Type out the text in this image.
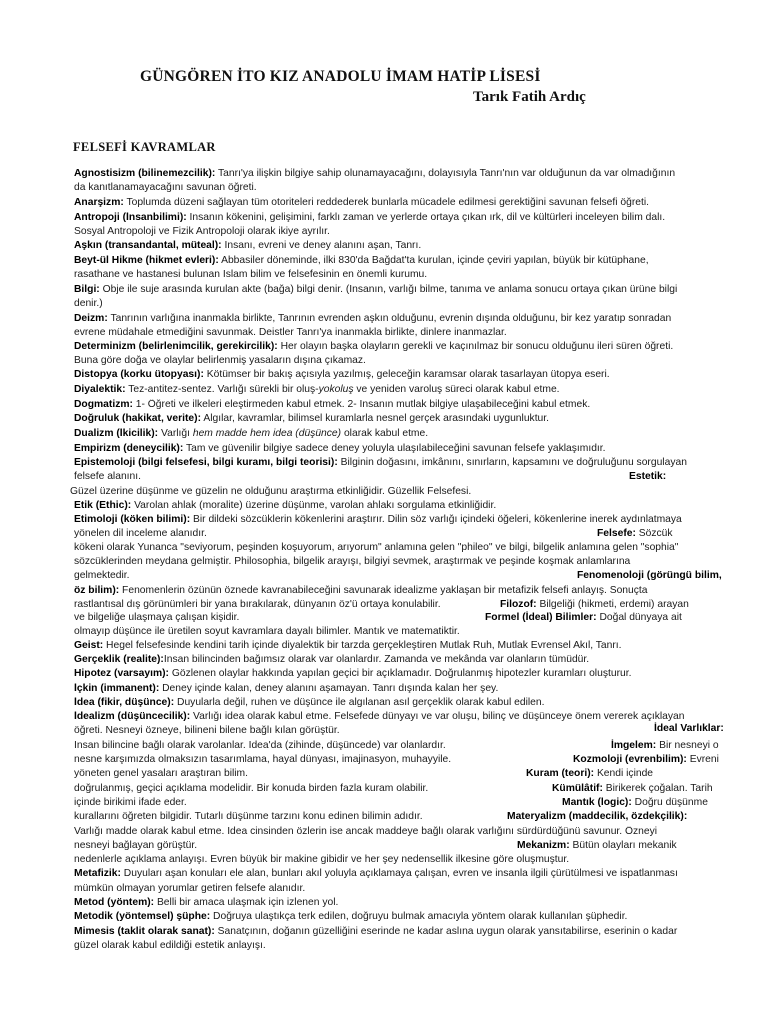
GÜNGÖREN İTO KIZ ANADOLU İMAM HATİP LİSESİ
Tarık Fatih Ardıç
FELSEFİ KAVRAMLAR
Agnostisizm (bilinemezcilik): Tanrı'ya ilişkin bilgiye sahip olunamayacağını, dolayısıyla Tanrı'nın var olduğunun da var olmadığının
da kanıtlanamayacağını savunan öğreti.
Anarşizm: Toplumda düzeni sağlayan tüm otoriteleri reddederek bunlarla mücadele edilmesi gerektiğini savunan felsefi öğreti.
Antropoji (İnsanbilimi): İnsanın kökenini, gelişimini, farklı zaman ve yerlerde ortaya çıkan ırk, dil ve kültürleri inceleyen bilim dalı.
Sosyal Antropoloji ve Fizik Antropoloji olarak ikiye ayrılır.
Aşkın (transandantal, müteal): İnsanı, evreni ve deney alanını aşan, Tanrı.
Beyt-ül Hikme (hikmet evleri): Abbasiler döneminde, ilki 830'da Bağdat'ta kurulan, içinde çeviri yapılan, büyük bir kütüphane,
rasathane ve hastanesi bulunan İslam bilim ve felsefesinin en önemli kurumu.
Bilgi: Obje ile suje arasında kurulan akte (bağa) bilgi denir. (İnsanın, varlığı bilme, tanıma ve anlama sonucu ortaya çıkan ürüne bilgi
denir.)
Deizm: Tanrının varlığına inanmakla birlikte, Tanrının evrenden aşkın olduğunu, evrenin dışında olduğunu, bir kez yaratıp sonradan
evrene müdahale etmediğini savunmak. Deistler Tanrı'ya inanmakla birlikte, dinlere inanmazlar.
Determinizm (belirlenimcilik, gerekircilik): Her olayın başka olayların gerekli ve kaçınılmaz bir sonucu olduğunu ileri süren öğreti.
Buna göre doğa ve olaylar belirlenmiş yasaların dışına çıkamaz.
Distopya (korku ütopyası): Kötümser bir bakış açısıyla yazılmış, geleceğin karamsar olarak tasarlayan ütopya eseri.
Diyalektik: Tez-antitez-sentez. Varlığı sürekli bir oluş-yokoluş ve yeniden varoluş süreci olarak kabul etme.
Dogmatizm: 1- Öğreti ve ilkeleri eleştirmeden kabul etmek. 2- İnsanın mutlak bilgiye ulaşabileceğini kabul etmek.
Doğruluk (hakikat, verite): Algılar, kavramlar, bilimsel kuramlarla nesnel gerçek arasındaki uygunluktur.
Dualizm (İkicilik): Varlığı hem madde hem idea (düşünce) olarak kabul etme.
Empirizm (deneycilik): Tam ve güvenilir bilgiye sadece deney yoluyla ulaşılabileceğini savunan felsefe yaklaşımıdır.
Epistemoloji (bilgi felsefesi, bilgi kuramı, bilgi teorisi): Bilginin doğasını, imkânını, sınırların, kapsamını ve doğruluğunu sorgulayan
felsefe alanını.
Güzel üzerine düşünme ve güzelin ne olduğunu araştırma etkinliğidir. Güzellik Felsefesi.
Etik (Ethic): Varolan ahlak (moralite) üzerine düşünme, varolan ahlakı sorgulama etkinliğidir.
Etimoloji (köken bilimi): Bir dildeki sözcüklerin kökenlerini araştırır. Dilin söz varlığı içindeki öğeleri, kökenlerine inerek aydınlatmaya
yönelen dil inceleme alanıdır.
kökeni olarak Yunanca "seviyorum, peşinden koşuyorum, arıyorum" anlamına gelen "phileo" ve bilgi, bilgelik anlamına gelen "sophia"
sözcüklerinden meydana gelmiştir. Philosophia, bilgelik arayışı, bilgiyi sevmek, araştırmak ve peşinde koşmak anlamlarına
gelmektedir.
öz bilim): Fenomenlerin özünün öznede kavranabileceğini savunarak idealizme yaklaşan bir metafizik felsefi anlayış. Sonuçta
rastlantısal dış görünümleri bir yana bırakılarak, dünyanın öz'ü ortaya konulabilir.
ve bilgeliğe ulaşmaya çalışan kişidir.
olmayıp düşünce ile üretilen soyut kavramlara dayalı bilimler. Mantık ve matematiktir.
Geist: Hegel felsefesinde kendini tarih içinde diyalektik bir tarzda gerçekleştiren Mutlak Ruh, Mutlak Evrensel Akıl, Tanrı.
Gerçeklik (realite):İnsan bilincinden bağımsız olarak var olanlardır. Zamanda ve mekânda var olanların tümüdür.
Hipotez (varsayım): Gözlenen olaylar hakkında yapılan geçici bir açıklamadır. Doğrulanmış hipotezler kuramları oluşturur.
İçkin (immanent): Deney içinde kalan, deney alanını aşamayan. Tanrı dışında kalan her şey.
İdea (fikir, düşünce): Duyularla değil, ruhen ve düşünce ile algılanan asıl gerçeklik olarak kabul edilen.
İdealizm (düşüncecilik): Varlığı idea olarak kabul etme. Felsefede dünyayı ve var oluşu, bilinç ve düşünceye önem vererek açıklayan
öğreti. Nesneyi özneye, bilineni bilene bağlı kılan görüştür.
İnsan bilincine bağlı olarak varolanlar. İdea'da (zihinde, düşüncede) var olanlardır.
nesne karşımızda olmaksızın tasarımlama, hayal dünyası, imajinasyon, muhayyile.
yöneten genel yasaları araştıran bilim.
doğrulanmış, geçici açıklama modelidir. Bir konuda birden fazla kuram olabilir.
içinde birikimi ifade eder.
kurallarını öğreten bilgidir. Tutarlı düşünme tarzını konu edinen bilimin adıdır.
Varlığı madde olarak kabul etme. İdea cinsinden özlerin ise ancak maddeye bağlı olarak varlığını sürdürdüğünü savunur. Özneyi
nesneyi bağlayan görüştür.
nedenlerle açıklama anlayışı. Evren büyük bir makine gibidir ve her şey nedensellik ilkesine göre oluşmuştur.
Metafizik: Duyuları aşan konuları ele alan, bunları akıl yoluyla açıklamaya çalışan, evren ve insanla ilgili çürütülmesi ve ispatlanması
mümkün olmayan yorumlar getiren felsefe alanıdır.
Metod (yöntem): Belli bir amaca ulaşmak için izlenen yol.
Metodik (yöntemsel) şüphe: Doğruya ulaştıkça terk edilen, doğruyu bulmak amacıyla yöntem olarak kullanılan şüphedir.
Mimesis (taklit olarak sanat): Sanatçının, doğanın güzelliğini eserinde ne kadar aslına uygun olarak yansıtabilirse, eserinin o kadar
güzel olarak kabul edildiği estetik anlayışı.
Estetik:
Felsefe: Sözcük
Fenomenoloji (görüngü bilim,
Filozof: Bilgeliği (hikmeti, erdemi) arayan
Formel (İdeal) Bilimler: Doğal dünyaya ait
İdeal Varlıklar:
İmgelem: Bir nesneyi o
Kozmoloji (evrenbilim): Evreni
Kuram (teori): Kendi içinde
Kümülâtif: Birikerek çoğalan. Tarih
Mantık (logic): Doğru düşünme
Materyalizm (maddecilik, özdekçilik):
Mekanizm: Bütün olayları mekanik
